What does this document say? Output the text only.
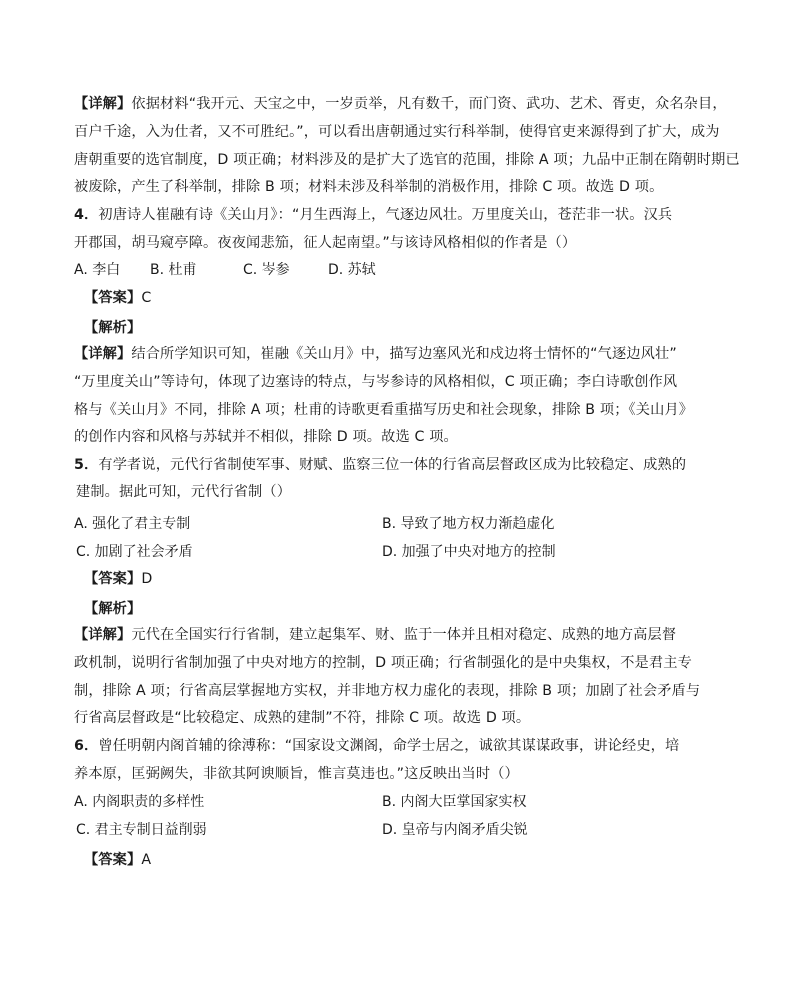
【详解】依据材料“我开元、天宝之中，一岁贡举，凡有数千，而门资、武功、艺术、胥吏，众名杂目，
百户千途，入为仕者，又不可胜纪。”，可以看出唐朝通过实行科举制，使得官吏来源得到了扩大，成为
唐朝重要的选官制度，D 项正确；材料涉及的是扩大了选官的范围，排除 A 项；九品中正制在隋朝时期已
被废除，产生了科举制，排除 B 项；材料未涉及科举制的消极作用，排除 C 项。故选 D 项。
4．初唐诗人崔融有诗《关山月》：“月生西海上，气逐边风壮。万里度关山，苍茫非一状。汉兵
开郡国，胡马窥亭障。夜夜闻悲笳，征人起南望。”与该诗风格相似的作者是（）
A. 李白 B. 杜甫	C. 岑参	D. 苏轼
【答案】C
【解析】
【详解】结合所学知识可知，崔融《关山月》中，描写边塞风光和戍边将士情怀的“气逐边风壮”
“万里度关山”等诗句，体现了边塞诗的特点，与岑参诗的风格相似，C 项正确；李白诗歌创作风
格与《关山月》不同，排除 A 项；杜甫的诗歌更看重描写历史和社会现象，排除 B 项；《关山月》
的创作内容和风格与苏轼并不相似，排除 D 项。故选 C 项。
5．有学者说，元代行省制使军事、财赋、监察三位一体的行省高层督政区成为比较稳定、成熟的
建制。据此可知，元代行省制（）
A. 强化了君主专制	B. 导致了地方权力渐趋虚化
C. 加剧了社会矛盾	D. 加强了中央对地方的控制
【答案】D
【解析】
【详解】元代在全国实行行省制，建立起集军、财、监于一体并且相对稳定、成熟的地方高层督
政机制，说明行省制加强了中央对地方的控制，D 项正确；行省制强化的是中央集权，不是君主专
制，排除 A 项；行省高层掌握地方实权，并非地方权力虚化的表现，排除 B 项；加剧了社会矛盾与
行省高层督政是“比较稳定、成熟的建制”不符，排除 C 项。故选 D 项。
6．曾任明朝内阁首辅的徐溥称：“国家设文渊阁，命学士居之，诚欲其谋谋政事，讲论经史，培
养本原，匡弼阙失，非欲其阿谀顺旨，惟言莫违也。”这反映出当时（）
A. 内阁职责的多样性	B. 内阁大臣掌国家实权
C. 君主专制日益削弱	D. 皇帝与内阁矛盾尖锐
【答案】A
